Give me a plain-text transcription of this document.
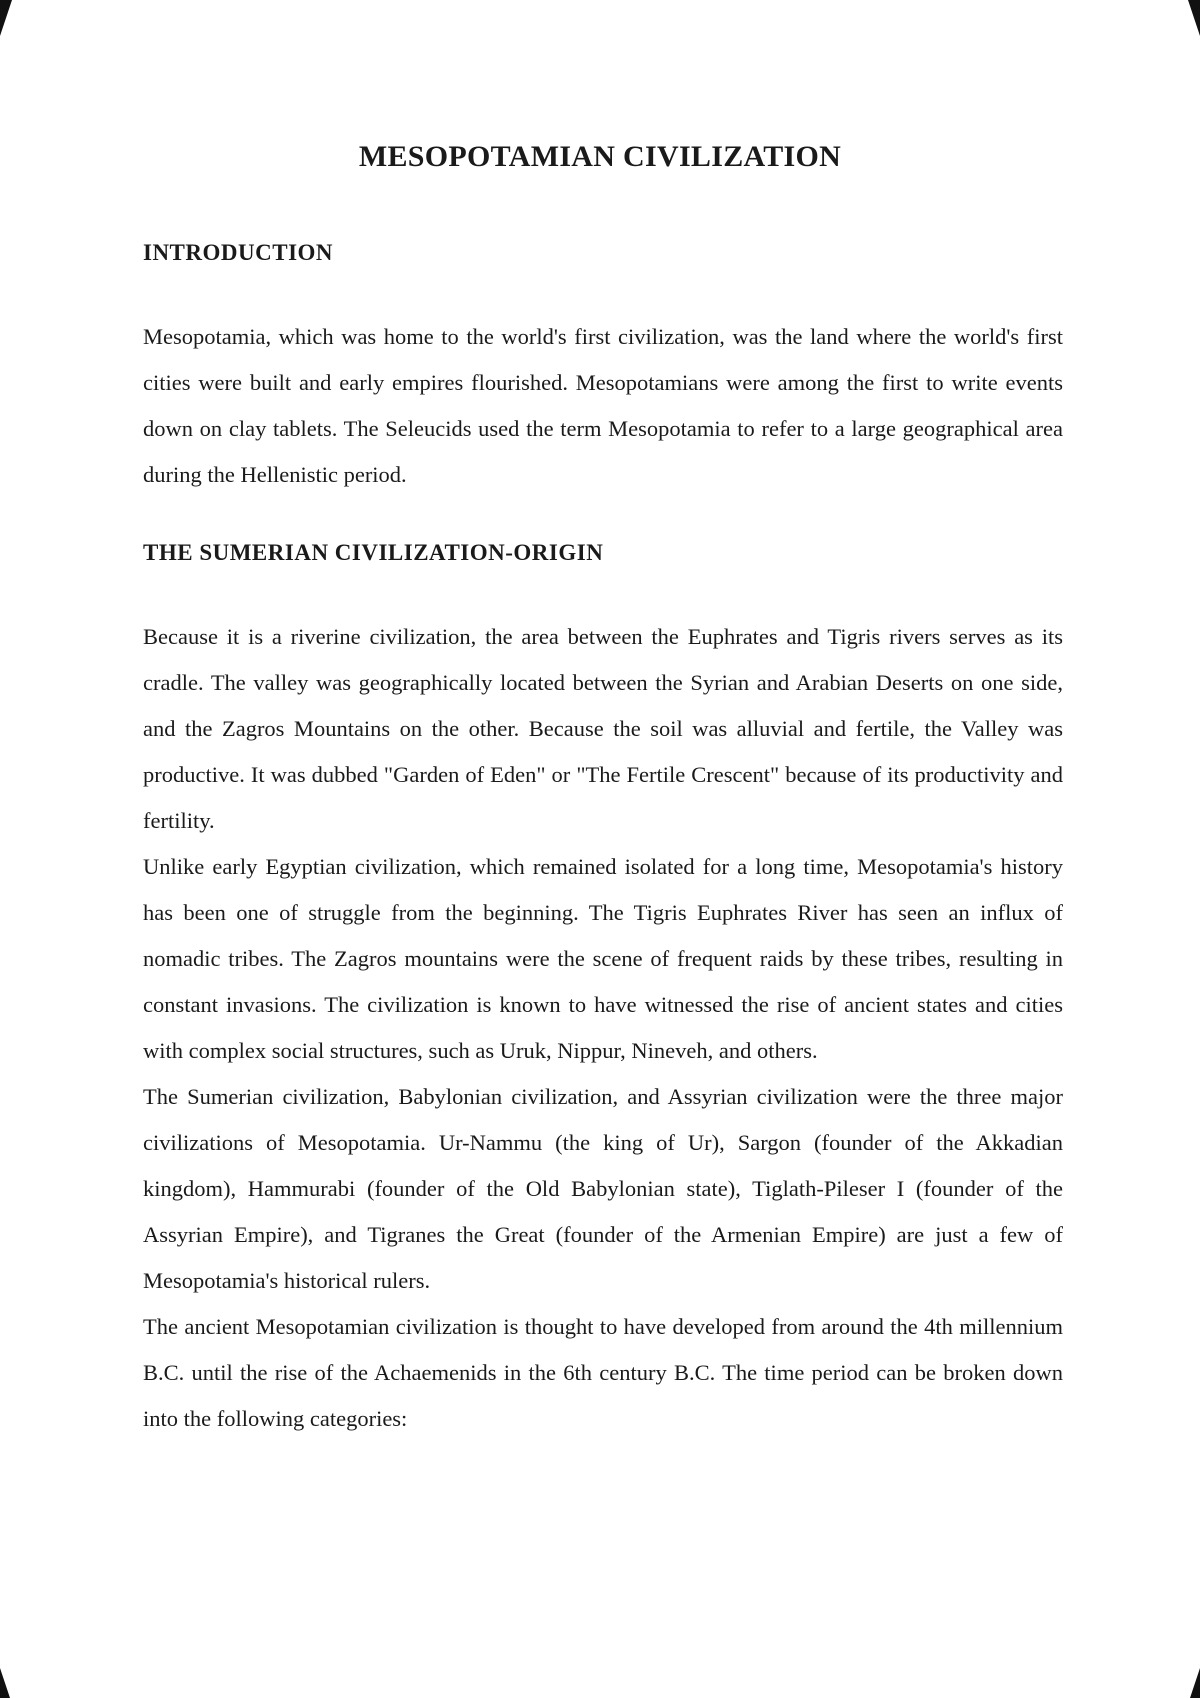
MESOPOTAMIAN CIVILIZATION
INTRODUCTION

Mesopotamia, which was home to the world's first civilization, was the land where the world's first cities were built and early empires flourished. Mesopotamians were among the first to write events down on clay tablets. The Seleucids used the term Mesopotamia to refer to a large geographical area during the Hellenistic period.

THE SUMERIAN CIVILIZATION-ORIGIN

Because it is a riverine civilization, the area between the Euphrates and Tigris rivers serves as its cradle. The valley was geographically located between the Syrian and Arabian Deserts on one side, and the Zagros Mountains on the other. Because the soil was alluvial and fertile, the Valley was productive. It was dubbed "Garden of Eden" or "The Fertile Crescent" because of its productivity and fertility.

Unlike early Egyptian civilization, which remained isolated for a long time, Mesopotamia's history has been one of struggle from the beginning. The Tigris Euphrates River has seen an influx of nomadic tribes. The Zagros mountains were the scene of frequent raids by these tribes, resulting in constant invasions. The civilization is known to have witnessed the rise of ancient states and cities with complex social structures, such as Uruk, Nippur, Nineveh, and others.

The Sumerian civilization, Babylonian civilization, and Assyrian civilization were the three major civilizations of Mesopotamia. Ur-Nammu (the king of Ur), Sargon (founder of the Akkadian kingdom), Hammurabi (founder of the Old Babylonian state), Tiglath-Pileser I (founder of the Assyrian Empire), and Tigranes the Great (founder of the Armenian Empire) are just a few of Mesopotamia's historical rulers.

The ancient Mesopotamian civilization is thought to have developed from around the 4th millennium B.C. until the rise of the Achaemenids in the 6th century B.C. The time period can be broken down into the following categories:
